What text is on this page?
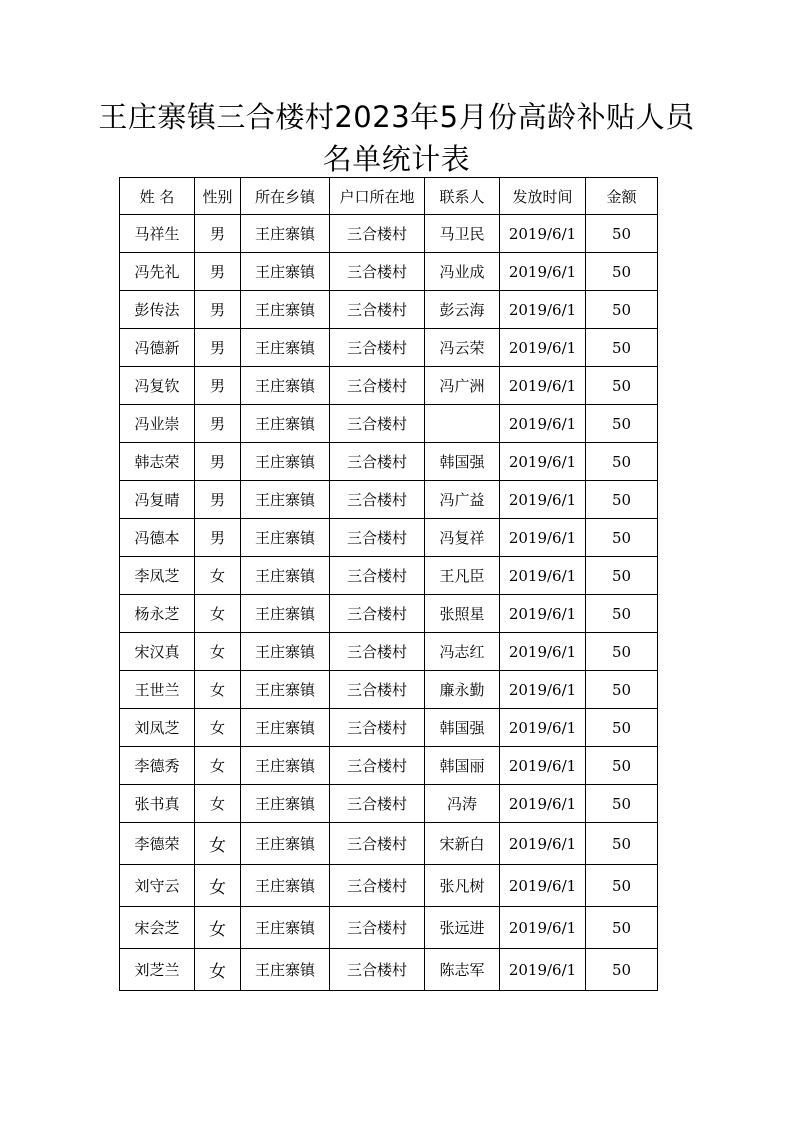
王庄寨镇三合楼村2023年5月份高龄补贴人员
名单统计表
姓 名	性别	所在乡镇	户口所在地	联系人	发放时间	金额
马祥生	男	王庄寨镇	三合楼村	马卫民	2019/6/1	50
冯先礼	男	王庄寨镇	三合楼村	冯业成	2019/6/1	50
彭传法	男	王庄寨镇	三合楼村	彭云海	2019/6/1	50
冯德新	男	王庄寨镇	三合楼村	冯云荣	2019/6/1	50
冯复钦	男	王庄寨镇	三合楼村	冯广洲	2019/6/1	50
冯业崇	男	王庄寨镇	三合楼村		2019/6/1	50
韩志荣	男	王庄寨镇	三合楼村	韩国强	2019/6/1	50
冯复晴	男	王庄寨镇	三合楼村	冯广益	2019/6/1	50
冯德本	男	王庄寨镇	三合楼村	冯复祥	2019/6/1	50
李凤芝	女	王庄寨镇	三合楼村	王凡臣	2019/6/1	50
杨永芝	女	王庄寨镇	三合楼村	张照星	2019/6/1	50
宋汉真	女	王庄寨镇	三合楼村	冯志红	2019/6/1	50
王世兰	女	王庄寨镇	三合楼村	廉永勤	2019/6/1	50
刘凤芝	女	王庄寨镇	三合楼村	韩国强	2019/6/1	50
李德秀	女	王庄寨镇	三合楼村	韩国丽	2019/6/1	50
张书真	女	王庄寨镇	三合楼村	冯涛	2019/6/1	50
李德荣	女	王庄寨镇	三合楼村	宋新白	2019/6/1	50
刘守云	女	王庄寨镇	三合楼村	张凡树	2019/6/1	50
宋会芝	女	王庄寨镇	三合楼村	张远进	2019/6/1	50
刘芝兰	女	王庄寨镇	三合楼村	陈志军	2019/6/1	50
